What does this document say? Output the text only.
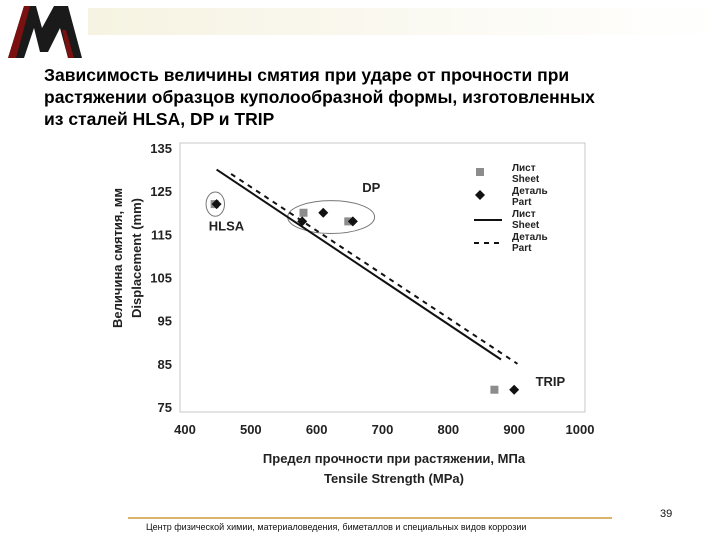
Зависимость величины смятия при ударе от прочности при
растяжении образцов куполообразной формы, изготовленных
из сталей HLSA, DP и TRIP
400	500	600	700	800	900	1000
75
85
95
105
115
125
135
Предел прочности при растяжении, МПа
Tensile Strength (MPa)
Величина смятия, мм Displacement (mm)	HLSA
DP
TRIP
Лист
Sheet
Деталь
Part
Лист
Sheet
Деталь
Part
Центр физической химии, материаловедения, биметаллов и специальных видов коррозии
39
